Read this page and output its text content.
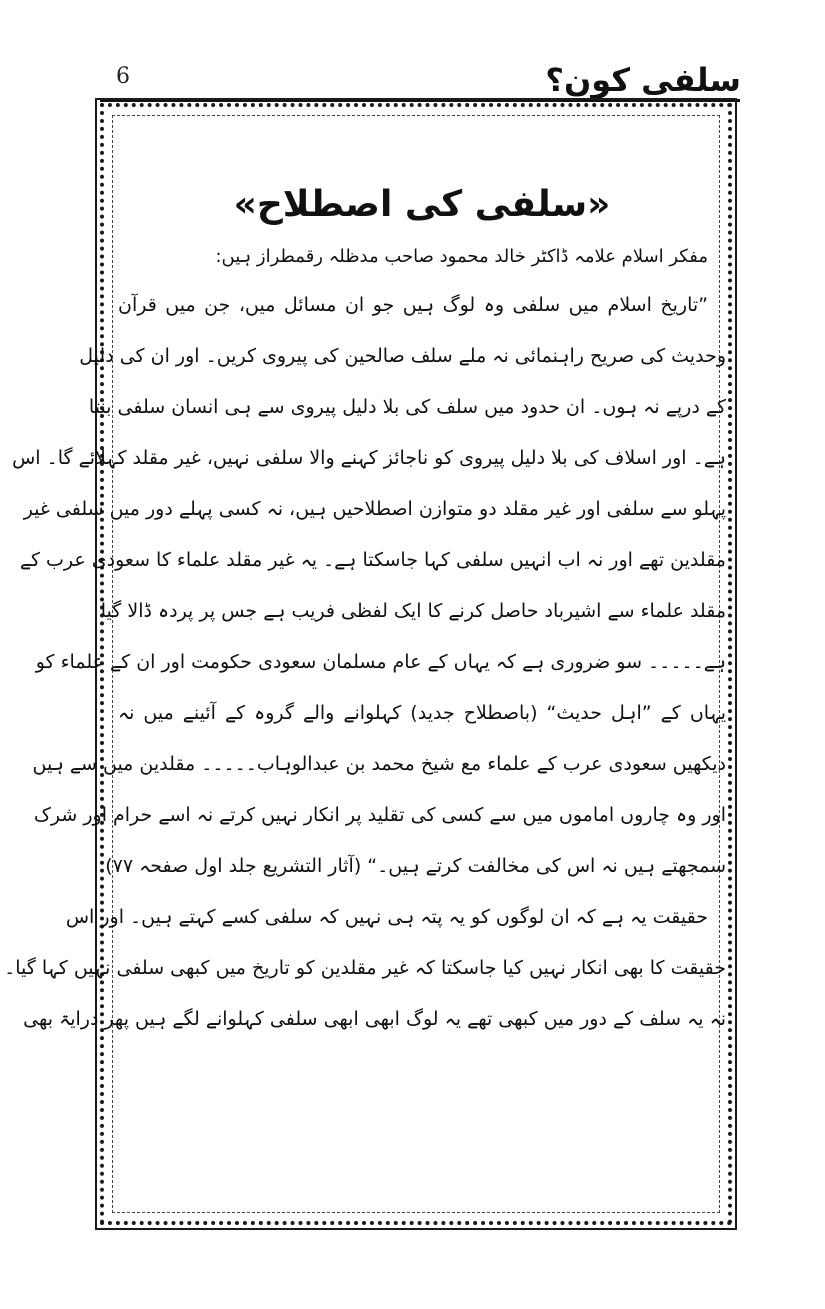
6	سلفی کون؟
«سلفی کی اصطلاح»
مفکر اسلام علامہ ڈاکٹر خالد محمود صاحب مدظلہ رقمطراز ہیں:
”تاریخ اسلام میں سلفی وہ لوگ ہیں جو ان مسائل میں، جن میں قرآن
وحدیث کی صریح راہنمائی نہ ملے سلف صالحین کی پیروی کریں۔ اور ان کی دلیل
کے درپے نہ ہوں۔ ان حدود میں سلف کی بلا دلیل پیروی سے ہی انسان سلفی بنتا
ہے۔ اور اسلاف کی بلا دلیل پیروی کو ناجائز کہنے والا سلفی نہیں، غیر مقلد کہلائے گا۔ اس
پہلو سے سلفی اور غیر مقلد دو متوازن اصطلاحیں ہیں، نہ کسی پہلے دور میں سلفی غیر
مقلدین تھے اور نہ اب انہیں سلفی کہا جاسکتا ہے۔ یہ غیر مقلد علماء کا سعودی عرب کے
مقلد علماء سے اشیرباد حاصل کرنے کا ایک لفظی فریب ہے جس پر پردہ ڈالا گیا
ہے۔۔۔۔۔ سو ضروری ہے کہ یہاں کے عام مسلمان سعودی حکومت اور ان کے علماء کو
یہاں کے ”اہل حدیث“ (باصطلاح جدید) کہلوانے والے گروہ کے آئینے میں نہ
دیکھیں سعودی عرب کے علماء مع شیخ محمد بن عبدالوہاب۔۔۔۔۔ مقلدین میں سے ہیں
اور وہ چاروں اماموں میں سے کسی کی تقلید پر انکار نہیں کرتے نہ اسے حرام اور شرک
سمجھتے ہیں نہ اس کی مخالفت کرتے ہیں۔“ (آثار التشریع جلد اول صفحہ ۷۷)
حقیقت یہ ہے کہ ان لوگوں کو یہ پتہ ہی نہیں کہ سلفی کسے کہتے ہیں۔ اور اس
حقیقت کا بھی انکار نہیں کیا جاسکتا کہ غیر مقلدین کو تاریخ میں کبھی سلفی نہیں کہا گیا۔
نہ یہ سلف کے دور میں کبھی تھے یہ لوگ ابھی ابھی سلفی کہلوانے لگے ہیں پھر درایۃ بھی
